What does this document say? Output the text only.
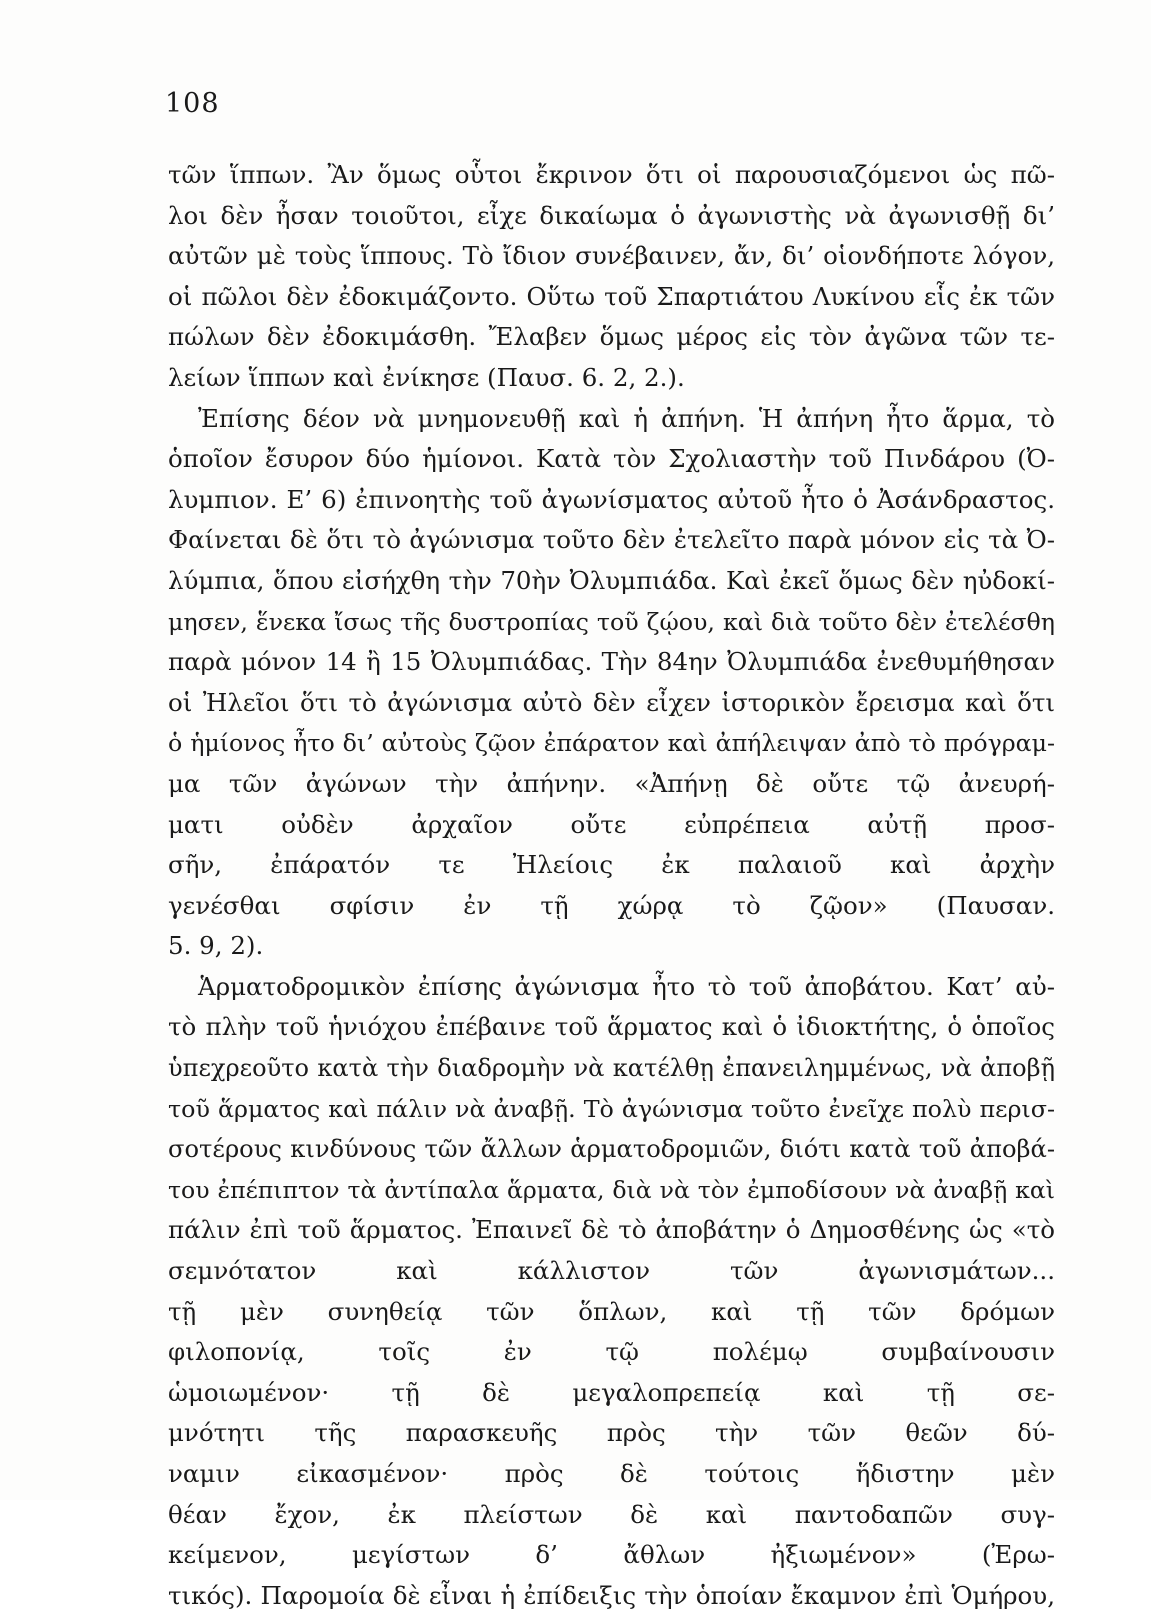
108
τῶν ἵππων. Ἂν ὅμως οὗτοι ἔκρινον ὅτι οἱ παρουσιαζόμενοι ὡς πῶ-
λοι δὲν ἦσαν τοιοῦτοι, εἶχε δικαίωμα ὁ ἀγωνιστὴς νὰ ἀγωνισθῇ δι’
αὐτῶν μὲ τοὺς ἵππους. Τὸ ἴδιον συνέβαινεν, ἄν, δι’ οἱονδήποτε λόγον,
οἱ πῶλοι δὲν ἐδοκιμάζοντο. Οὕτω τοῦ Σπαρτιάτου Λυκίνου εἷς ἐκ τῶν
πώλων δὲν ἐδοκιμάσθη. Ἔλαβεν ὅμως μέρος εἰς τὸν ἀγῶνα τῶν τε-
λείων ἵππων καὶ ἐνίκησε (Παυσ. 6. 2, 2.).
Ἐπίσης δέον νὰ μνημονευθῇ καὶ ἡ ἀπήνη. Ἡ ἀπήνη ἦτο ἅρμα, τὸ
ὁποῖον ἔσυρον δύο ἡμίονοι. Κατὰ τὸν Σχολιαστὴν τοῦ Πινδάρου (Ὀ-
λυμπιον. Ε’ 6) ἐπινοητὴς τοῦ ἀγωνίσματος αὐτοῦ ἦτο ὁ Ἀσάνδραστος.
Φαίνεται δὲ ὅτι τὸ ἀγώνισμα τοῦτο δὲν ἐτελεῖτο παρὰ μόνον εἰς τὰ Ὀ-
λύμπια, ὅπου εἰσήχθη τὴν 70ὴν Ὀλυμπιάδα. Καὶ ἐκεῖ ὅμως δὲν ηὐδοκί-
μησεν, ἕνεκα ἴσως τῆς δυστροπίας τοῦ ζῴου, καὶ διὰ τοῦτο δὲν ἐτελέσθη
παρὰ μόνον 14 ἢ 15 Ὀλυμπιάδας. Τὴν 84ην Ὀλυμπιάδα ἐνεθυμήθησαν
οἱ Ἠλεῖοι ὅτι τὸ ἀγώνισμα αὐτὸ δὲν εἶχεν ἱστορικὸν ἔρεισμα καὶ ὅτι
ὁ ἡμίονος ἦτο δι’ αὐτοὺς ζῷον ἐπάρατον καὶ ἀπήλειψαν ἀπὸ τὸ πρόγραμ-
μα τῶν ἀγώνων τὴν ἀπήνην. «Ἀπήνῃ δὲ οὔτε τῷ ἀνευρή-
ματι οὐδὲν ἀρχαῖον οὔτε εὐπρέπεια αὐτῇ προσ-
σῆν, ἐπάρατόν τε Ἠλείοις ἐκ παλαιοῦ καὶ ἀρχὴν
γενέσθαι σφίσιν ἐν τῇ χώρᾳ τὸ ζῷον» (Παυσαν.
5. 9, 2).
Ἁρματοδρομικὸν ἐπίσης ἀγώνισμα ἦτο τὸ τοῦ ἀποβάτου. Κατ’ αὐ-
τὸ πλὴν τοῦ ἡνιόχου ἐπέβαινε τοῦ ἅρματος καὶ ὁ ἰδιοκτήτης, ὁ ὁποῖος
ὑπεχρεοῦτο κατὰ τὴν διαδρομὴν νὰ κατέλθῃ ἐπανειλημμένως, νὰ ἀποβῇ
τοῦ ἅρματος καὶ πάλιν νὰ ἀναβῇ. Τὸ ἀγώνισμα τοῦτο ἐνεῖχε πολὺ περισ-
σοτέρους κινδύνους τῶν ἄλλων ἁρματοδρομιῶν, διότι κατὰ τοῦ ἀποβά-
του ἐπέπιπτον τὰ ἀντίπαλα ἅρματα, διὰ νὰ τὸν ἐμποδίσουν νὰ ἀναβῇ καὶ
πάλιν ἐπὶ τοῦ ἅρματος. Ἐπαινεῖ δὲ τὸ ἀποβάτην ὁ Δημοσθένης ὡς «τὸ
σεμνότατον καὶ κάλλιστον τῶν ἀγωνισμάτων...
τῇ μὲν συνηθείᾳ τῶν ὅπλων, καὶ τῇ τῶν δρόμων
φιλοπονίᾳ, τοῖς ἐν τῷ πολέμῳ συμβαίνουσιν
ὡμοιωμένον· τῇ δὲ μεγαλοπρεπείᾳ καὶ τῇ σε-
μνότητι τῆς παρασκευῆς πρὸς τὴν τῶν θεῶν δύ-
ναμιν εἰκασμένον· πρὸς δὲ τούτοις ἥδιστην μὲν
θέαν ἔχον, ἐκ πλείστων δὲ καὶ παντοδαπῶν συγ-
κείμενον, μεγίστων δ’ ἄθλων ἠξιωμένον» (Ἐρω-
τικός). Παρομοία δὲ εἶναι ἡ ἐπίδειξις τὴν ὁποίαν ἔκαμνον ἐπὶ Ὁμήρου,
